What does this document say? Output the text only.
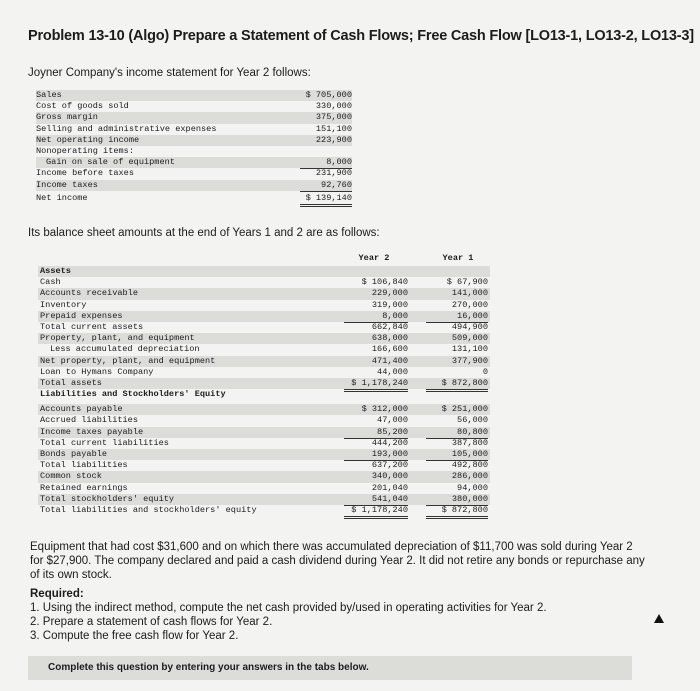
Problem 13-10 (Algo) Prepare a Statement of Cash Flows; Free Cash Flow [LO13-1, LO13-2, LO13-3]
Joyner Company's income statement for Year 2 follows:
Sales	$ 705,000
Cost of goods sold	330,000
Gross margin	375,000
Selling and administrative expenses	151,100
Net operating income	223,900
Nonoperating items:
Gain on sale of equipment	8,000
Income before taxes	231,900
Income taxes	92,760
Net income	$ 139,140
Its balance sheet amounts at the end of Years 1 and 2 are as follows:
Year 2	Year 1
Assets
Cash	$ 106,840	$ 67,900
Accounts receivable	229,000	141,000
Inventory	319,000	270,000
Prepaid expenses	8,000	16,000
Total current assets	662,840	494,900
Property, plant, and equipment	638,000	509,000
Less accumulated depreciation	166,600	131,100
Net property, plant, and equipment	471,400	377,900
Loan to Hymans Company	44,000	0
Total assets	$ 1,178,240	$ 872,800
Liabilities and Stockholders' Equity
Accounts payable	$ 312,000	$ 251,000
Accrued liabilities	47,000	56,000
Income taxes payable	85,200	80,800
Total current liabilities	444,200	387,800
Bonds payable	193,000	105,000
Total liabilities	637,200	492,800
Common stock	340,000	286,000
Retained earnings	201,040	94,000
Total stockholders' equity	541,040	380,000
Total liabilities and stockholders' equity	$ 1,178,240	$ 872,800
Equipment that had cost $31,600 and on which there was accumulated depreciation of $11,700 was sold during Year 2 for $27,900. The company declared and paid a cash dividend during Year 2. It did not retire any bonds or repurchase any of its own stock.
Required:
1. Using the indirect method, compute the net cash provided by/used in operating activities for Year 2.
2. Prepare a statement of cash flows for Year 2.
3. Compute the free cash flow for Year 2.
Complete this question by entering your answers in the tabs below.
